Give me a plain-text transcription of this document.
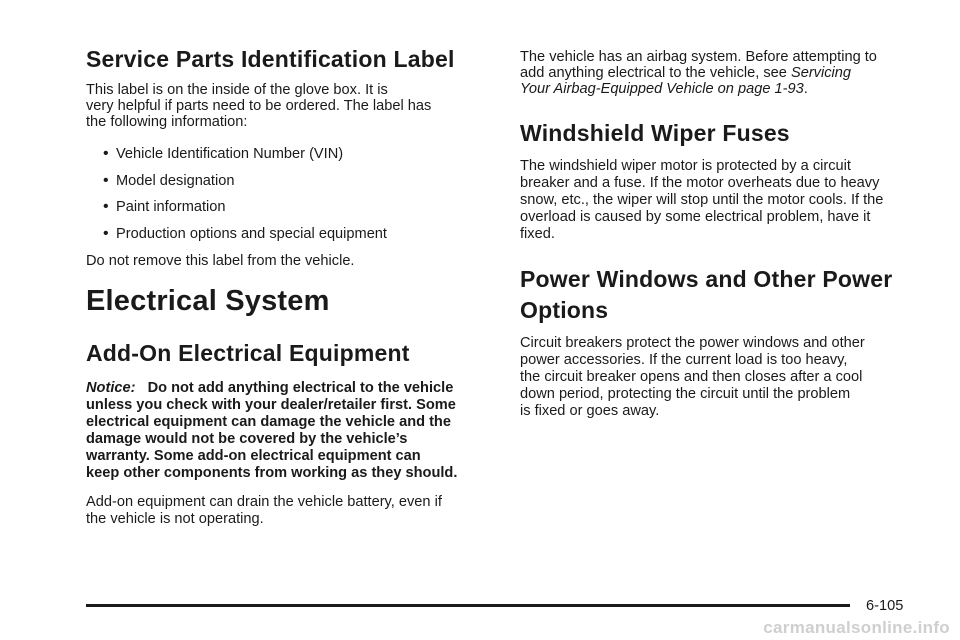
Service Parts Identification Label

This label is on the inside of the glove box. It is

very helpful if parts need to be ordered. The label has

the following information:

• Vehicle Identification Number (VIN)
• Model designation
• Paint information
• Production options and special equipment

Do not remove this label from the vehicle.

Electrical System
Add-On Electrical Equipment

Notice: Do not add anything electrical to the vehicle

unless you check with your dealer/retailer first. Some

electrical equipment can damage the vehicle and the

damage would not be covered by the vehicle’s

warranty. Some add-on electrical equipment can

keep other components from working as they should.

Add-on equipment can drain the vehicle battery, even if

the vehicle is not operating.

The vehicle has an airbag system. Before attempting to

add anything electrical to the vehicle, see Servicing

Your Airbag-Equipped Vehicle on page 1-93.

Windshield Wiper Fuses

The windshield wiper motor is protected by a circuit

breaker and a fuse. If the motor overheats due to heavy

snow, etc., the wiper will stop until the motor cools. If the

overload is caused by some electrical problem, have it

fixed.

Power Windows and Other Power
Options

Circuit breakers protect the power windows and other

power accessories. If the current load is too heavy,

the circuit breaker opens and then closes after a cool

down period, protecting the circuit until the problem

is fixed or goes away.

6-105
carmanualsonline.info
